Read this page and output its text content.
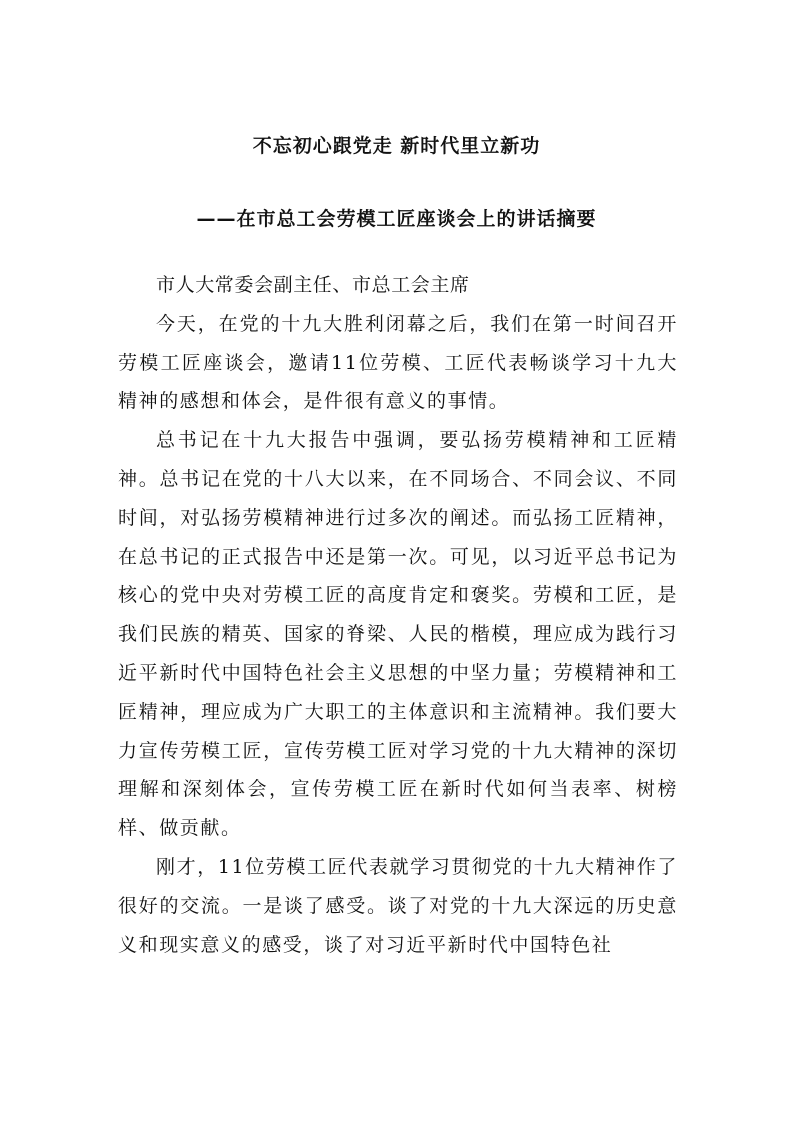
不忘初心跟党走 新时代里立新功
——在市总工会劳模工匠座谈会上的讲话摘要

市人大常委会副主任、市总工会主席

今天，在党的十九大胜利闭幕之后，我们在第一时间召开劳模工匠座谈会，邀请11位劳模、工匠代表畅谈学习十九大精神的感想和体会，是件很有意义的事情。

总书记在十九大报告中强调，要弘扬劳模精神和工匠精神。总书记在党的十八大以来，在不同场合、不同会议、不同时间，对弘扬劳模精神进行过多次的阐述。而弘扬工匠精神，在总书记的正式报告中还是第一次。可见，以习近平总书记为核心的党中央对劳模工匠的高度肯定和褒奖。劳模和工匠，是我们民族的精英、国家的脊梁、人民的楷模，理应成为践行习近平新时代中国特色社会主义思想的中坚力量；劳模精神和工匠精神，理应成为广大职工的主体意识和主流精神。我们要大力宣传劳模工匠，宣传劳模工匠对学习党的十九大精神的深切理解和深刻体会，宣传劳模工匠在新时代如何当表率、树榜样、做贡献。

刚才，11位劳模工匠代表就学习贯彻党的十九大精神作了很好的交流。一是谈了感受。谈了对党的十九大深远的历史意义和现实意义的感受，谈了对习近平新时代中国特色社
